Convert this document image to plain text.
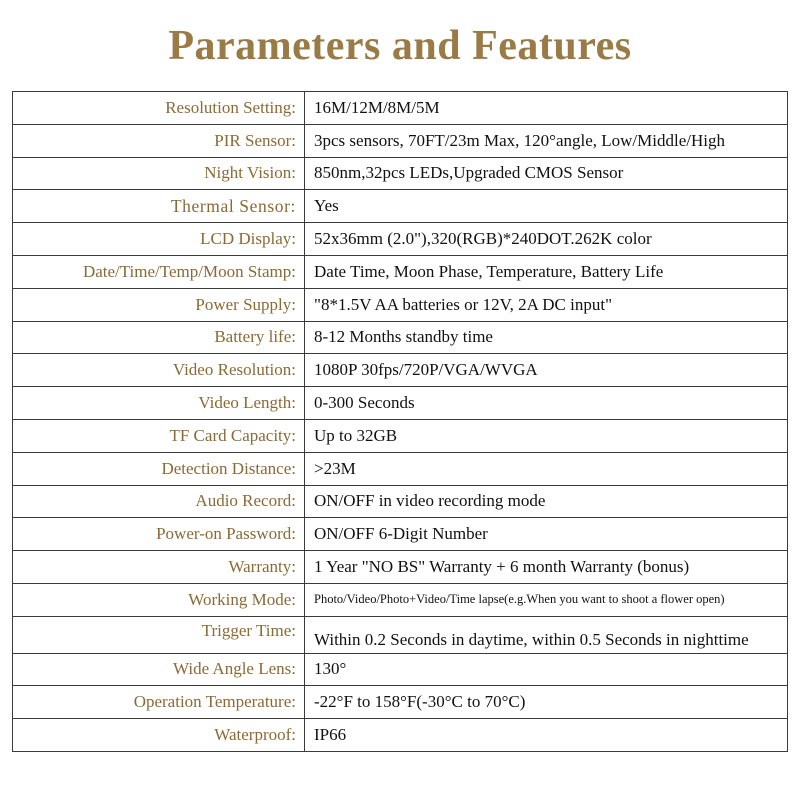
Parameters and Features
Resolution Setting:	16M/12M/8M/5M
PIR Sensor:	3pcs sensors, 70FT/23m Max, 120°angle, Low/Middle/High
Night Vision:	850nm,32pcs LEDs,Upgraded CMOS Sensor
Thermal Sensor:	Yes
LCD Display:	52x36mm (2.0"),320(RGB)*240DOT.262K color
Date/Time/Temp/Moon Stamp:	Date Time, Moon Phase, Temperature, Battery Life
Power Supply:	"8*1.5V AA batteries or 12V, 2A DC input"
Battery life:	8-12 Months standby time
Video Resolution:	1080P 30fps/720P/VGA/WVGA
Video Length:	0-300 Seconds
TF Card Capacity:	Up to 32GB
Detection Distance:	>23M
Audio Record:	ON/OFF in video recording mode
Power-on Password:	ON/OFF 6-Digit Number
Warranty:	1 Year "NO BS" Warranty + 6 month Warranty (bonus)
Working Mode:	Photo/Video/Photo+Video/Time lapse(e.g.When you want to shoot a flower open)
Trigger Time:	Within 0.2 Seconds in daytime, within 0.5 Seconds in nighttime
Wide Angle Lens:	130°
Operation Temperature:	-22°F to 158°F(-30°C to 70°C)
Waterproof:	IP66
